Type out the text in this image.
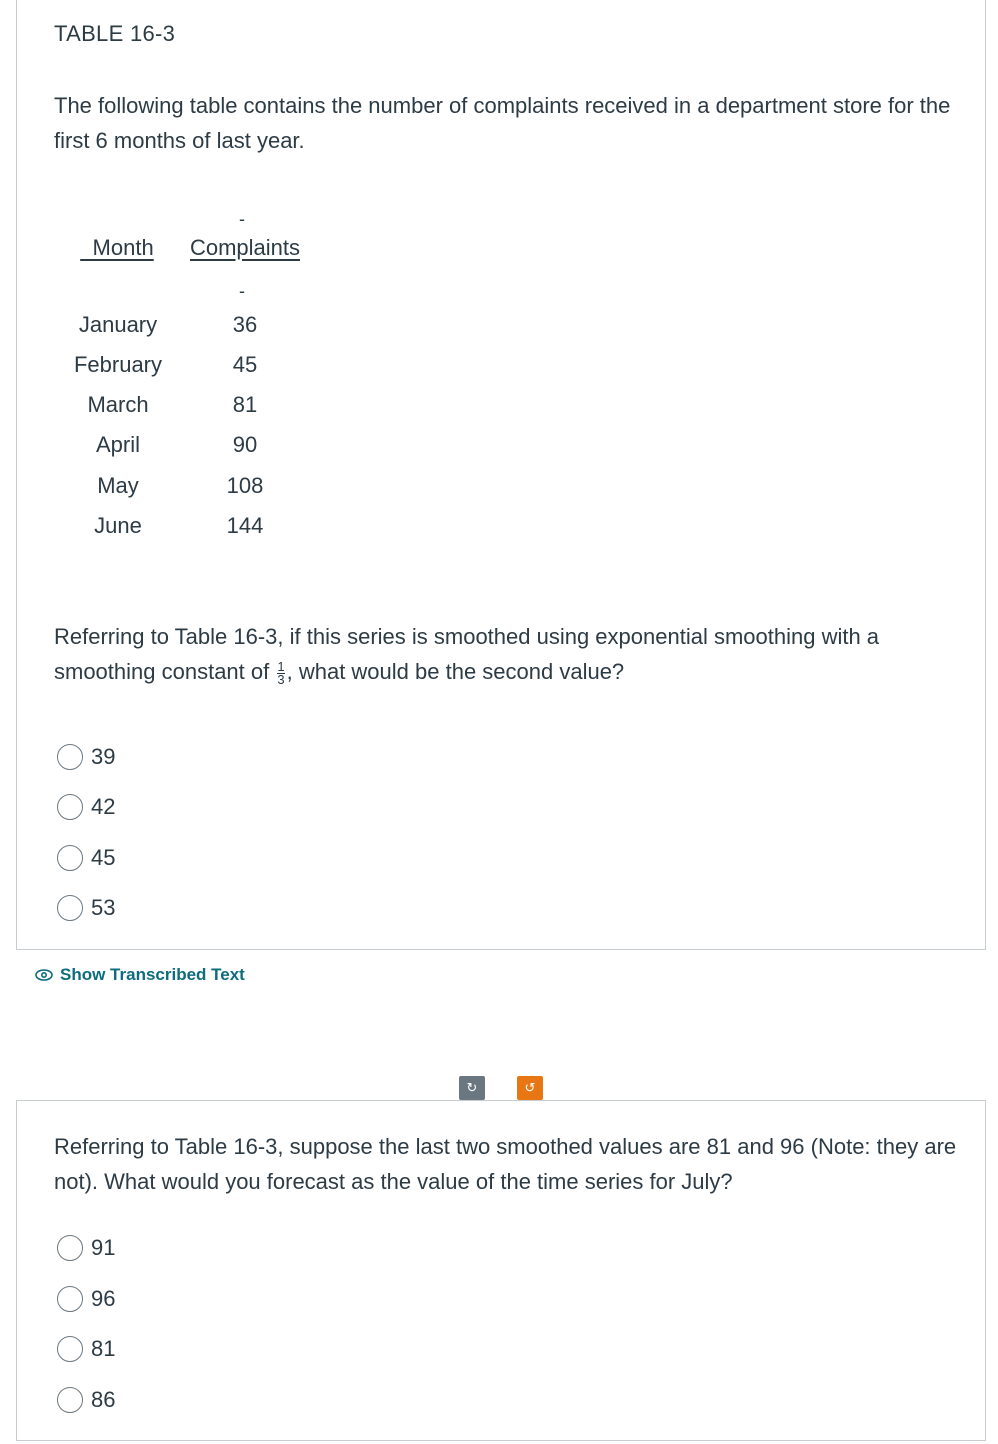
TABLE 16-3
The following table contains the number of complaints received in a department store for the first 6 months of last year.
-
Month	Complaints
-
January	36
February	45
March	81
April	90
May	108
June	144
Referring to Table 16-3, if this series is smoothed using exponential smoothing with a smoothing constant of $\frac{1}{3}$ , what would be the second value?
39
42
45
53
Show Transcribed Text
↻	↺
Referring to Table 16-3, suppose the last two smoothed values are 81 and 96 (Note: they are not). What would you forecast as the value of the time series for July?
91
96
81
86
